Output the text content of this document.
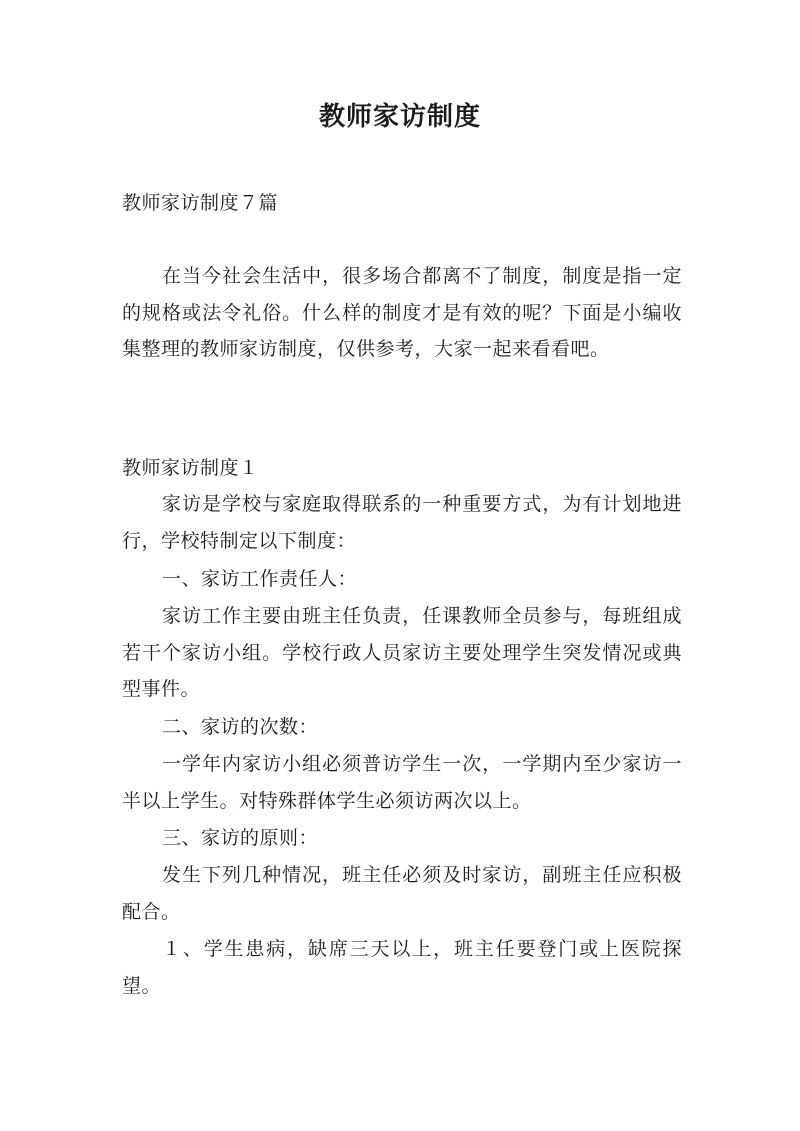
教师家访制度

教师家访制度７篇

在当今社会生活中，很多场合都离不了制度，制度是指一定的规格或法令礼俗。什么样的制度才是有效的呢？下面是小编收集整理的教师家访制度，仅供参考，大家一起来看看吧。

教师家访制度１

家访是学校与家庭取得联系的一种重要方式，为有计划地进行，学校特制定以下制度：

一、家访工作责任人：

家访工作主要由班主任负责，任课教师全员参与，每班组成若干个家访小组。学校行政人员家访主要处理学生突发情况或典型事件。

二、家访的次数：

一学年内家访小组必须普访学生一次，一学期内至少家访一半以上学生。对特殊群体学生必须访两次以上。

三、家访的原则：

发生下列几种情况，班主任必须及时家访，副班主任应积极配合。

１、学生患病，缺席三天以上，班主任要登门或上医院探望。
